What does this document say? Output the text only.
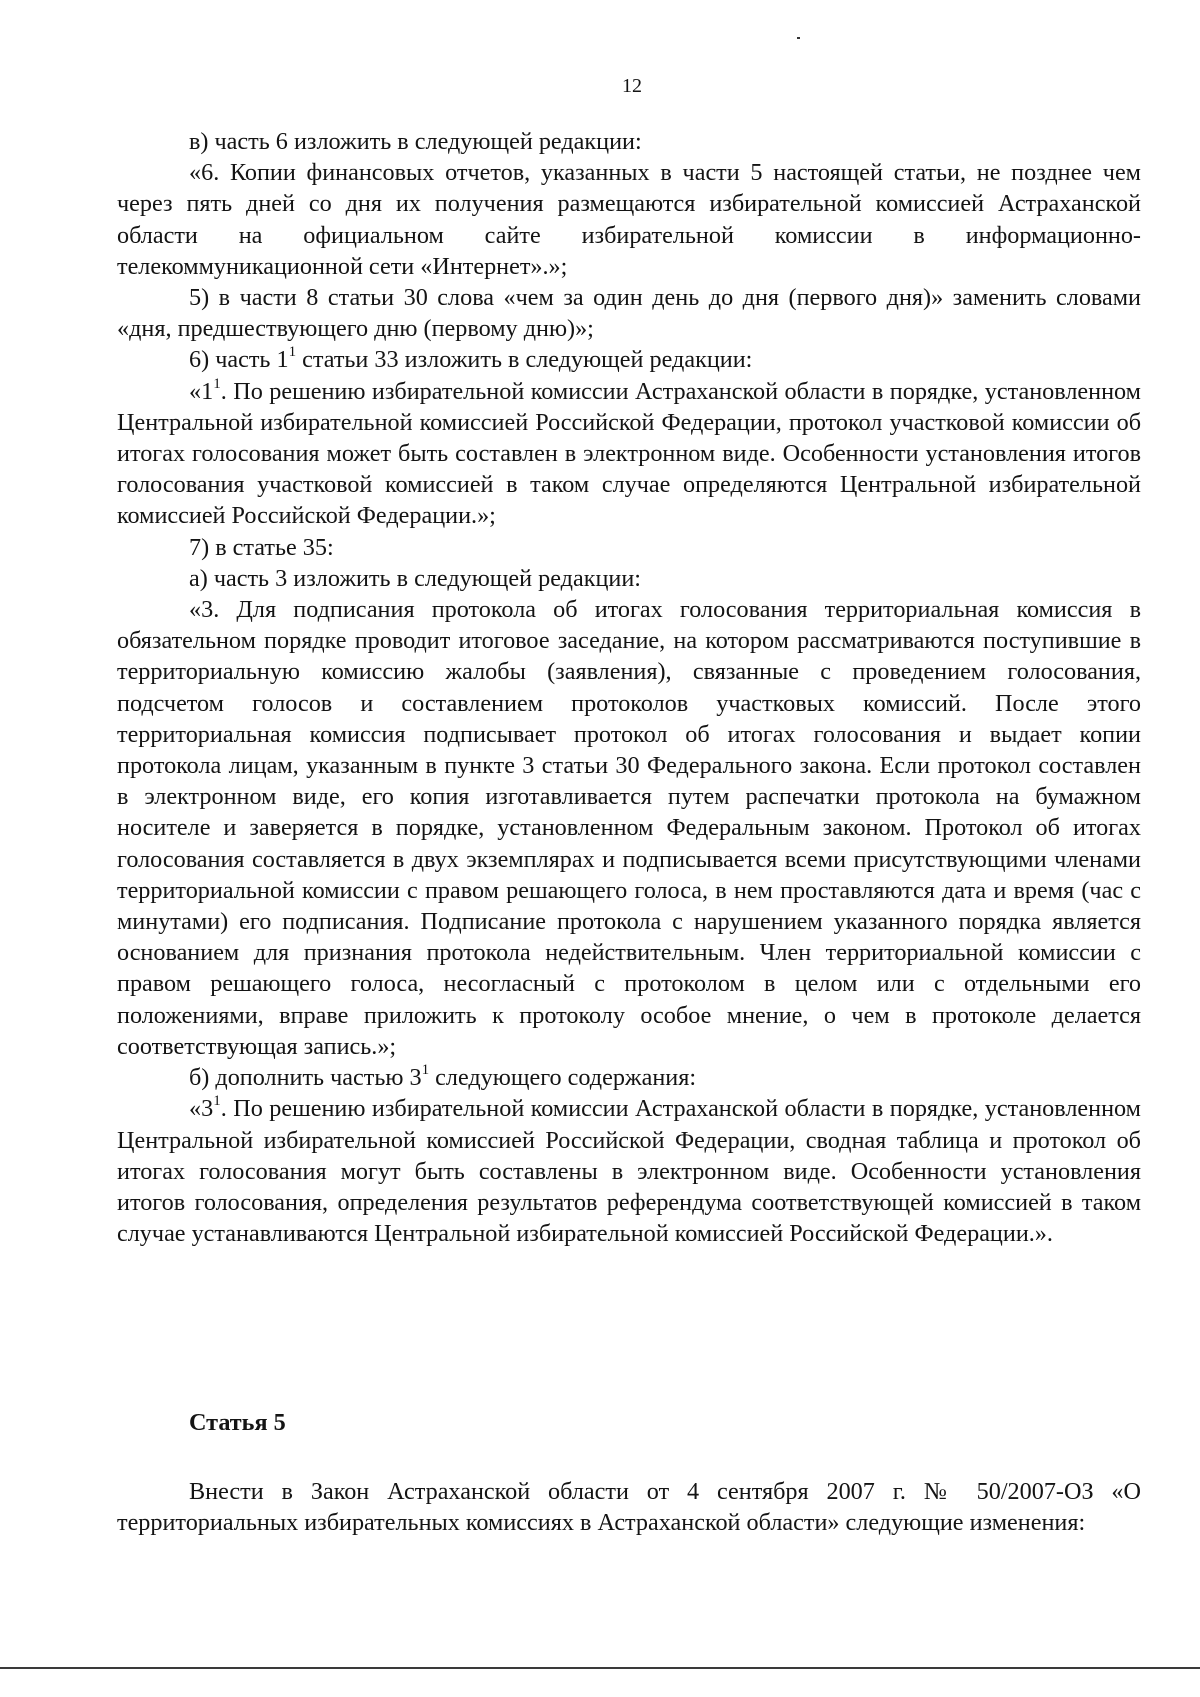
12

в) часть 6 изложить в следующей редакции:

«6. Копии финансовых отчетов, указанных в части 5 настоящей статьи, не позднее чем через пять дней со дня их получения размещаются избирательной комиссией Астраханской области на официальном сайте избирательной комиссии в информационно-телекоммуникационной сети «Интернет».»;

5) в части 8 статьи 30 слова «чем за один день до дня (первого дня)» заменить словами «дня, предшествующего дню (первому дню)»;

6) часть $1^1$ статьи 33 изложить в следующей редакции:

«$1^1$. По решению избирательной комиссии Астраханской области в порядке, установленном Центральной избирательной комиссией Российской Федерации, протокол участковой комиссии об итогах голосования может быть составлен в электронном виде. Особенности установления итогов голосования участковой комиссией в таком случае определяются Центральной избирательной комиссией Российской Федерации.»;

7) в статье 35:

а) часть 3 изложить в следующей редакции:

«3. Для подписания протокола об итогах голосования территориальная комиссия в обязательном порядке проводит итоговое заседание, на котором рассматриваются поступившие в территориальную комиссию жалобы (заявления), связанные с проведением голосования, подсчетом голосов и составлением протоколов участковых комиссий. После этого территориальная комиссия подписывает протокол об итогах голосования и выдает копии протокола лицам, указанным в пункте 3 статьи 30 Федерального закона. Если протокол составлен в электронном виде, его копия изготавливается путем распечатки протокола на бумажном носителе и заверяется в порядке, установленном Федеральным законом. Протокол об итогах голосования составляется в двух экземплярах и подписывается всеми присутствующими членами территориальной комиссии с правом решающего голоса, в нем проставляются дата и время (час с минутами) его подписания. Подписание протокола с нарушением указанного порядка является основанием для признания протокола недействительным. Член территориальной комиссии с правом решающего голоса, несогласный с протоколом в целом или с отдельными его положениями, вправе приложить к протоколу особое мнение, о чем в протоколе делается соответствующая запись.»;

б) дополнить частью $3^1$ следующего содержания:

«$3^1$. По решению избирательной комиссии Астраханской области в порядке, установленном Центральной избирательной комиссией Российской Федерации, сводная таблица и протокол об итогах голосования могут быть составлены в электронном виде. Особенности установления итогов голосования, определения результатов референдума соответствующей комиссией в таком случае устанавливаются Центральной избирательной комиссией Российской Федерации.».

Статья 5

Внести в Закон Астраханской области от 4 сентября 2007 г. № 50/2007-ОЗ «О территориальных избирательных комиссиях в Астраханской области» следующие изменения:
